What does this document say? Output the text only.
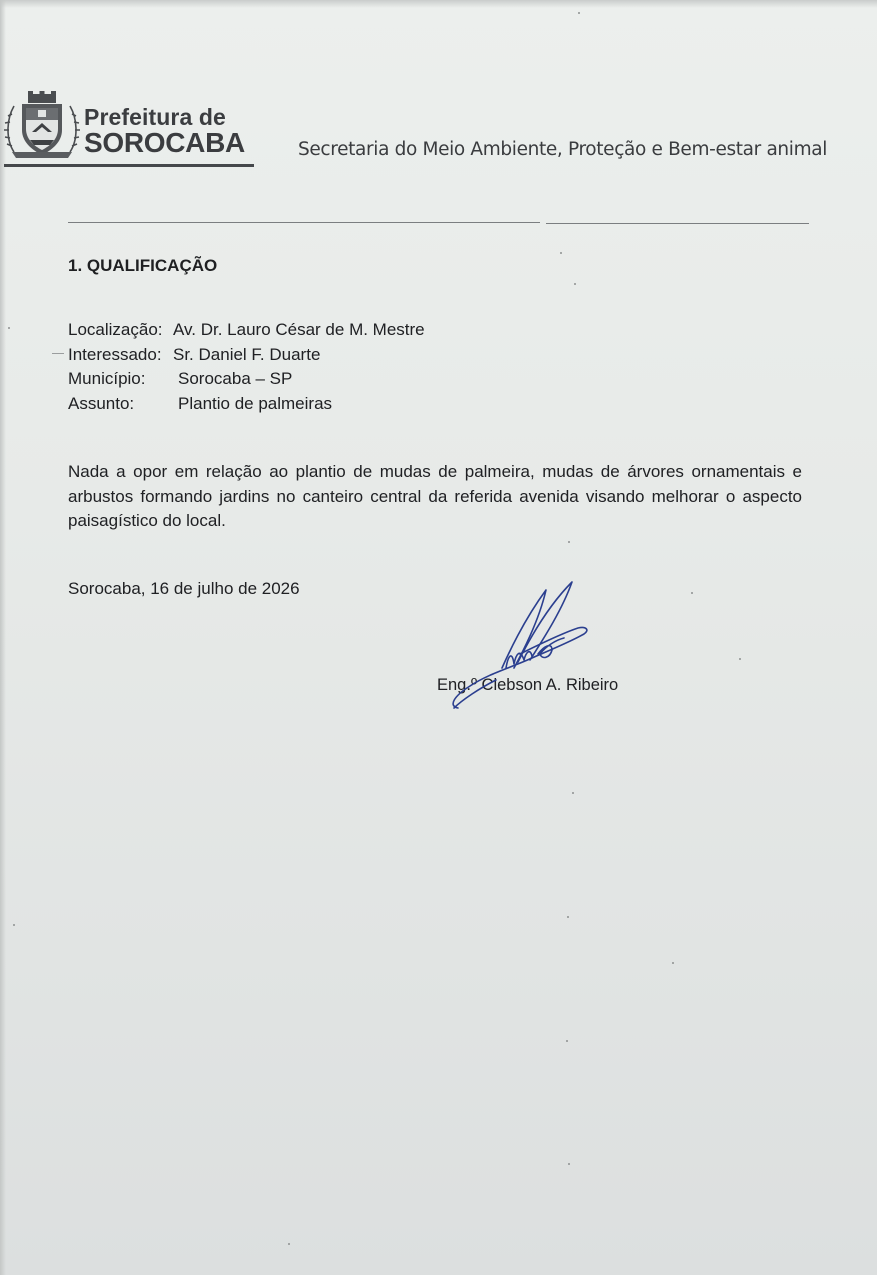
Prefeitura de
SOROCABA	Secretaria do Meio Ambiente, Proteção e Bem-estar animal
1. QUALIFICAÇÃO
Localização: Av. Dr. Lauro César de M. Mestre
Interessado: Sr. Daniel F. Duarte
Município: Sorocaba – SP
Assunto:	Plantio de palmeiras
Nada a opor em relação ao plantio de mudas de palmeira, mudas de árvores ornamentais e arbustos formando jardins no canteiro central da referida avenida visando melhorar o aspecto paisagístico do local.
Sorocaba, 16 de julho de 2026
Eng.º Clebson A. Ribeiro
